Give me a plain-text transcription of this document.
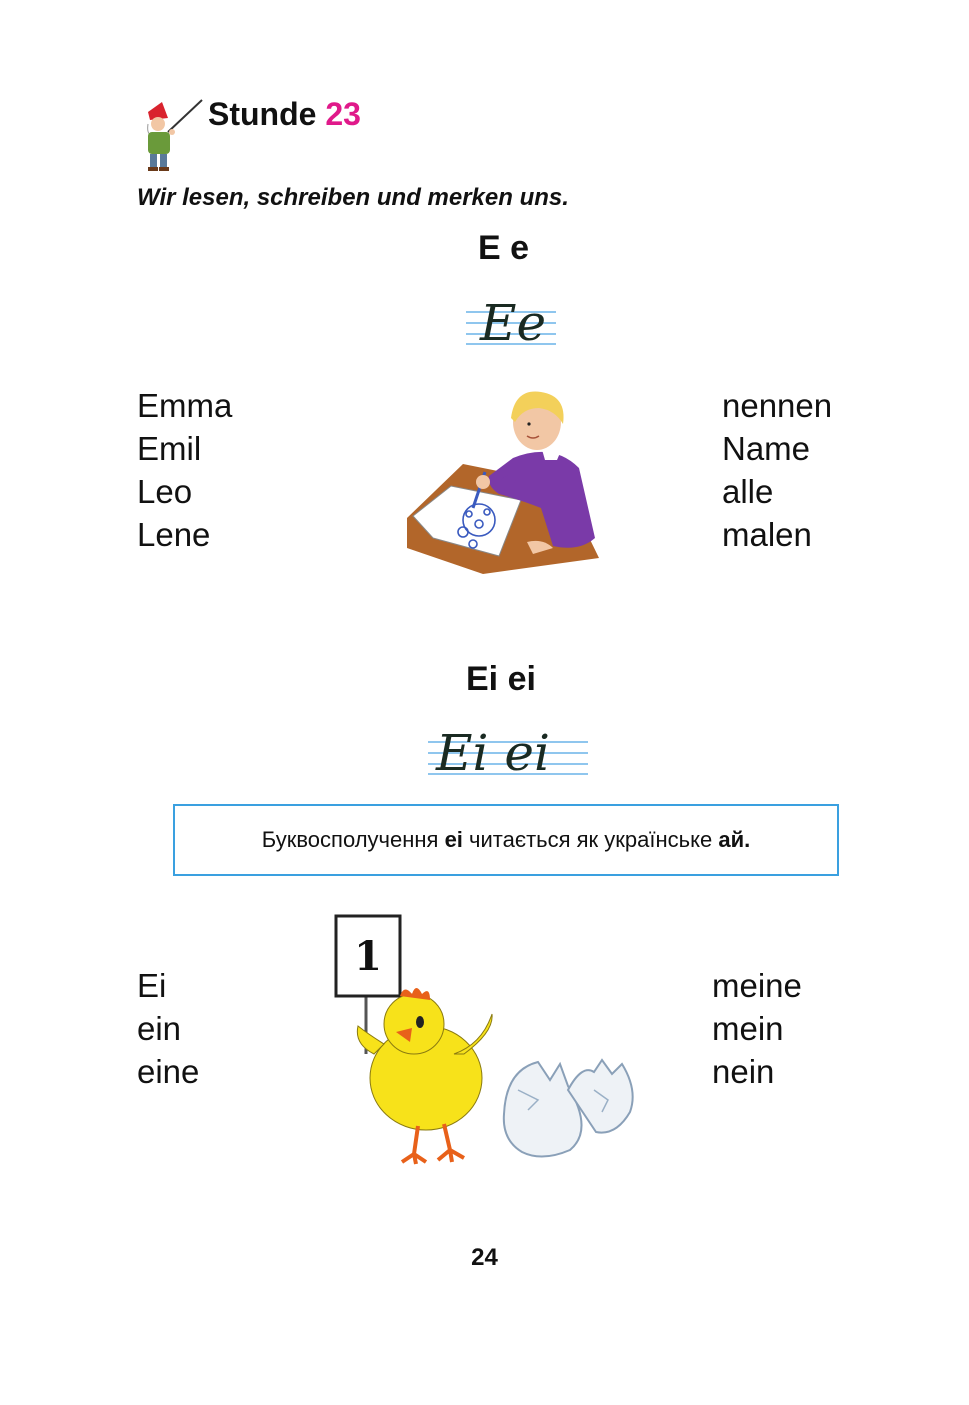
Stunde 23
Wir lesen, schreiben und merken uns.
E e
Ee
Emma
Emil
Leo
Lene
nennen
Name
alle
malen
Ei ei
Ei ei
Буквосполучення ei читається як українське ай.
Ei
ein
eine
meine
mein
nein
1
24
